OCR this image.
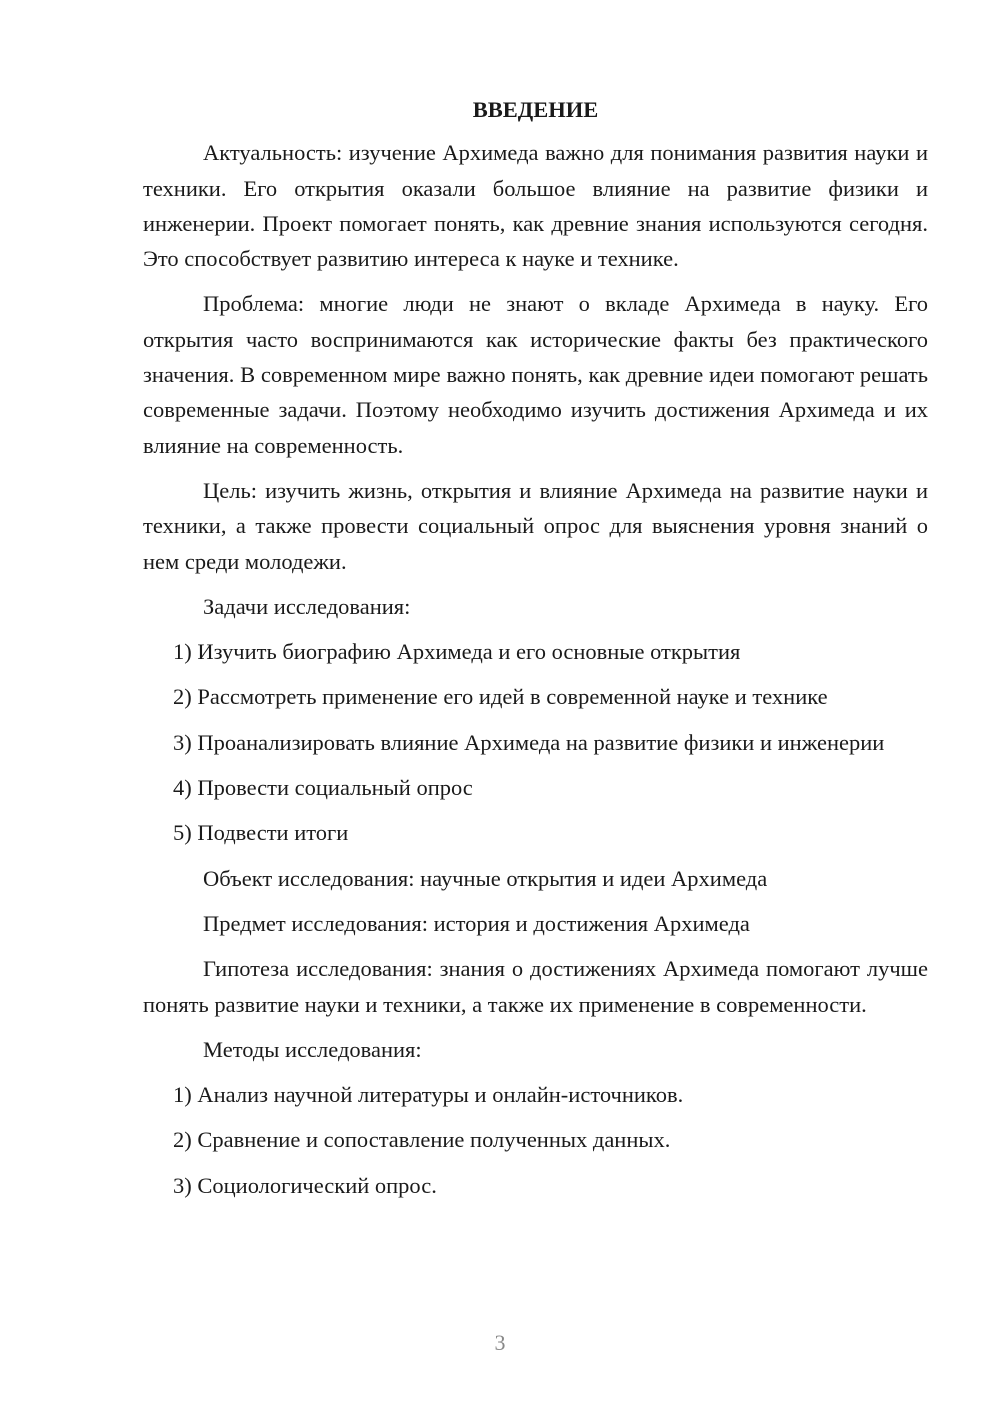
ВВЕДЕНИЕ

Актуальность: изучение Архимеда важно для понимания развития науки и техники. Его открытия оказали большое влияние на развитие физики и инженерии. Проект помогает понять, как древние знания используются сегодня. Это способствует развитию интереса к науке и технике.

Проблема: многие люди не знают о вкладе Архимеда в науку. Его открытия часто воспринимаются как исторические факты без практического значения. В современном мире важно понять, как древние идеи помогают решать современные задачи. Поэтому необходимо изучить достижения Архимеда и их влияние на современность.

Цель: изучить жизнь, открытия и влияние Архимеда на развитие науки и техники, а также провести социальный опрос для выяснения уровня знаний о нем среди молодежи.

Задачи исследования:

1) Изучить биографию Архимеда и его основные открытия

2) Рассмотреть применение его идей в современной науке и технике

3) Проанализировать влияние Архимеда на развитие физики и инженерии

4) Провести социальный опрос

5) Подвести итоги

Объект исследования: научные открытия и идеи Архимеда

Предмет исследования: история и достижения Архимеда

Гипотеза исследования: знания о достижениях Архимеда помогают лучше понять развитие науки и техники, а также их применение в современности.

Методы исследования:

1) Анализ научной литературы и онлайн-источников.

2) Сравнение и сопоставление полученных данных.

3) Социологический опрос.

3
